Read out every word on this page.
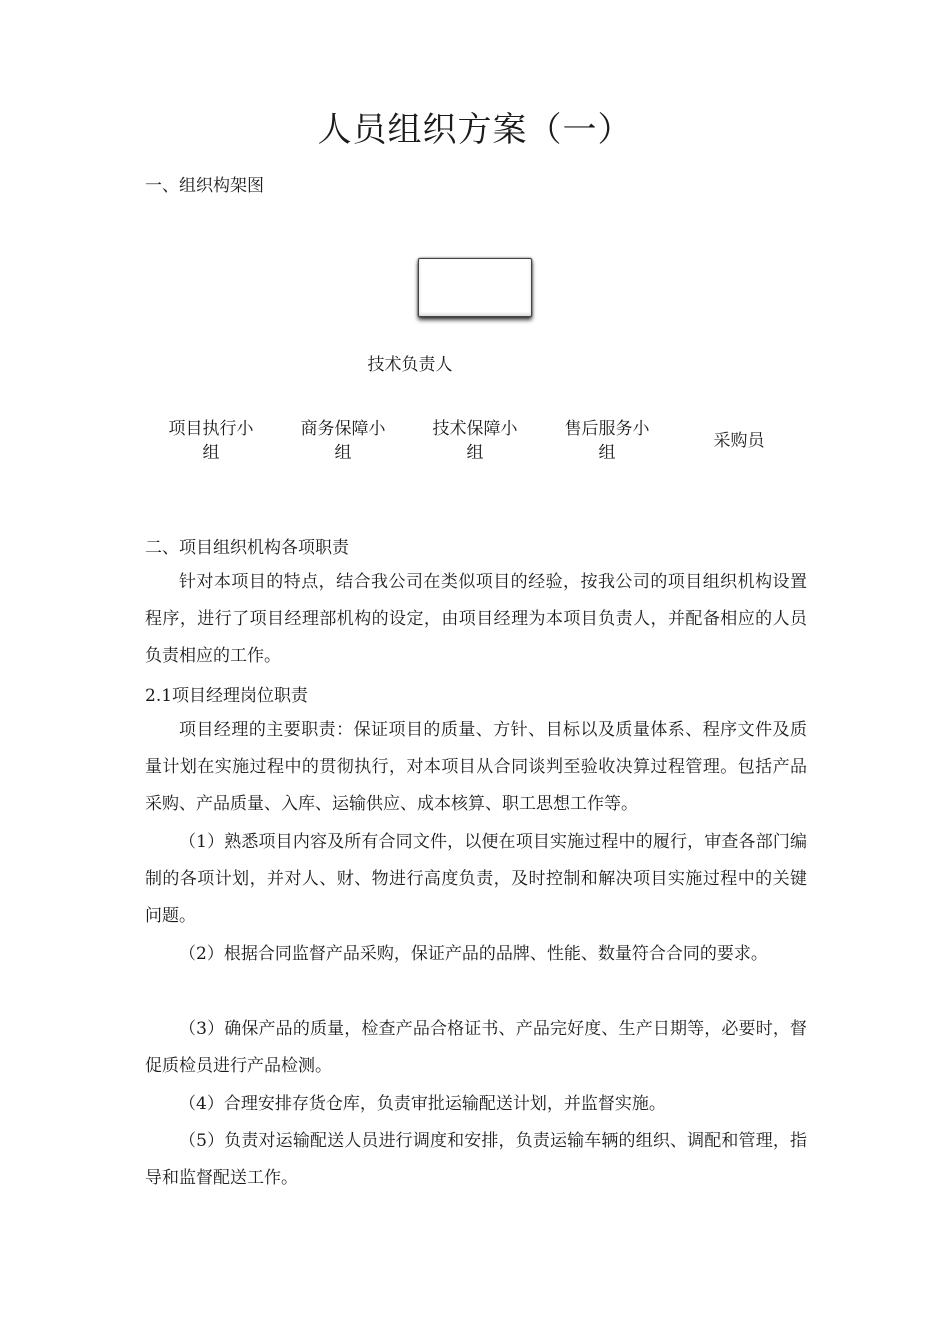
人员组织方案（一）
一、组织构架图
技术负责人
项目执行小组
商务保障小组
技术保障小组
售后服务小组
采购员
二、项目组织机构各项职责

针对本项目的特点，结合我公司在类似项目的经验，按我公司的项目组织机构设置程序，进行了项目经理部机构的设定，由项目经理为本项目负责人，并配备相应的人员负责相应的工作。

2.1项目经理岗位职责

项目经理的主要职责：保证项目的质量、方针、目标以及质量体系、程序文件及质量计划在实施过程中的贯彻执行，对本项目从合同谈判至验收决算过程管理。包括产品采购、产品质量、入库、运输供应、成本核算、职工思想工作等。

（1）熟悉项目内容及所有合同文件，以便在项目实施过程中的履行，审查各部门编制的各项计划，并对人、财、物进行高度负责，及时控制和解决项目实施过程中的关键问题。

（2）根据合同监督产品采购，保证产品的品牌、性能、数量符合合同的要求。

（3）确保产品的质量，检查产品合格证书、产品完好度、生产日期等，必要时，督促质检员进行产品检测。

（4）合理安排存货仓库，负责审批运输配送计划，并监督实施。

（5）负责对运输配送人员进行调度和安排，负责运输车辆的组织、调配和管理，指导和监督配送工作。
